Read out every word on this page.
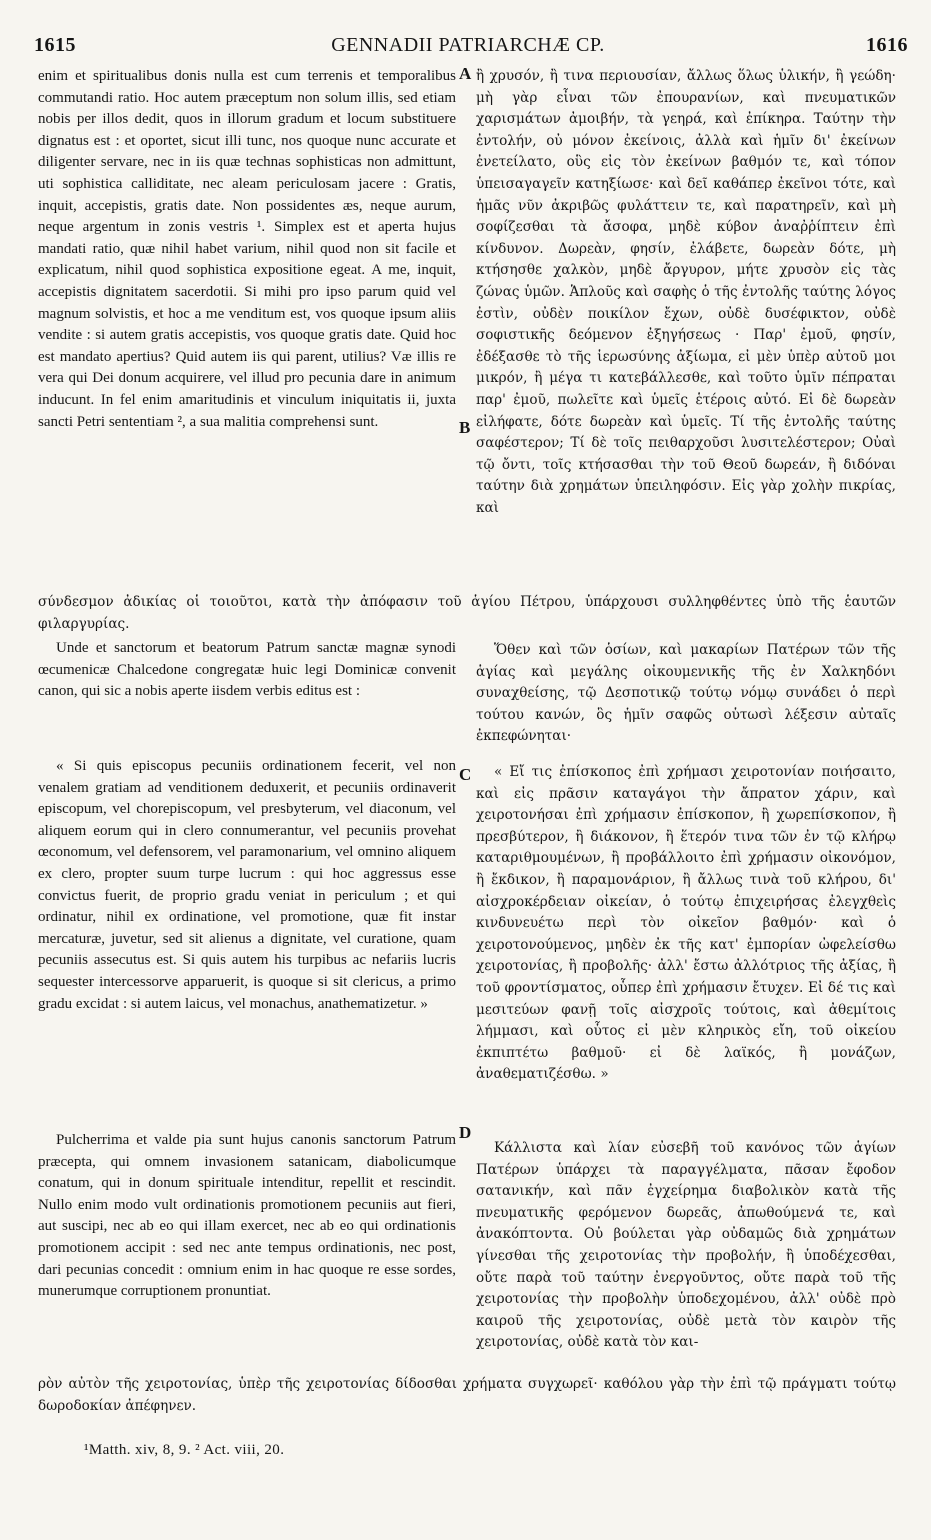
1615	GENNADII PATRIARCHÆ CP.	1616
A
B
C
D

enim et spiritualibus donis nulla est cum terrenis et temporalibus commutandi ratio. Hoc autem præceptum non solum illis, sed etiam nobis per illos dedit, quos in illorum gradum et locum substituere dignatus est : et oportet, sicut illi tunc, nos quoque nunc accurate et diligenter servare, nec in iis quæ technas sophisticas non admittunt, uti sophistica calliditate, nec aleam periculosam jacere : Gratis, inquit, accepistis, gratis date. Non possidentes æs, neque aurum, neque argentum in zonis vestris ¹. Simplex est et aperta hujus mandati ratio, quæ nihil habet varium, nihil quod non sit facile et explicatum, nihil quod sophistica expositione egeat. A me, inquit, accepistis dignitatem sacerdotii. Si mihi pro ipso parum quid vel magnum solvistis, et hoc a me venditum est, vos quoque ipsum aliis vendite : si autem gratis accepistis, vos quoque gratis date. Quid hoc est mandato apertius? Quid autem iis qui parent, utilius? Væ illis re vera qui Dei donum acquirere, vel illud pro pecunia dare in animum inducunt. In fel enim amaritudinis et vinculum iniquitatis ii, juxta sancti Petri sententiam ², a sua malitia comprehensi sunt.

ἢ χρυσόν, ἢ τινα περιουσίαν, ἄλλως ὅλως ὑλικήν, ἢ γεώδη· μὴ γὰρ εἶναι τῶν ἐπουρανίων, καὶ πνευματικῶν χαρισμάτων ἀμοιβήν, τὰ γεηρά, καὶ ἐπίκηρα. Ταύτην τὴν ἐντολήν, οὐ μόνον ἐκείνοις, ἀλλὰ καὶ ἡμῖν δι' ἐκείνων ἐνετείλατο, οὓς εἰς τὸν ἐκείνων βαθμόν τε, καὶ τόπον ὑπεισαγαγεῖν κατηξίωσε· καὶ δεῖ καθάπερ ἐκεῖνοι τότε, καὶ ἡμᾶς νῦν ἀκριβῶς φυλάττειν τε, καὶ παρατηρεῖν, καὶ μὴ σοφίζεσθαι τὰ ἄσοφα, μηδὲ κύβον ἀναῤῥίπτειν ἐπὶ κίνδυνον. Δωρεὰν, φησίν, ἐλάβετε, δωρεὰν δότε, μὴ κτήσησθε χαλκὸν, μηδὲ ἄργυρον, μήτε χρυσὸν εἰς τὰς ζώνας ὑμῶν. Ἁπλοῦς καὶ σαφὴς ὁ τῆς ἐντολῆς ταύτης λόγος ἐστὶν, οὐδὲν ποικίλον ἔχων, οὐδὲ δυσέφικτον, οὐδὲ σοφιστικῆς δεόμενον ἐξηγήσεως · Παρ' ἐμοῦ, φησίν, ἐδέξασθε τὸ τῆς ἱερωσύνης ἀξίωμα, εἰ μὲν ὑπὲρ αὐτοῦ μοι μικρόν, ἢ μέγα τι κατεβάλλεσθε, καὶ τοῦτο ὑμῖν πέπραται παρ' ἐμοῦ, πωλεῖτε καὶ ὑμεῖς ἑτέροις αὐτό. Εἰ δὲ δωρεὰν εἰλήφατε, δότε δωρεὰν καὶ ὑμεῖς. Τί τῆς ἐντολῆς ταύτης σαφέστερον; Τί δὲ τοῖς πειθαρχοῦσι λυσιτελέστερον; Οὐαὶ τῷ ὄντι, τοῖς κτήσασθαι τὴν τοῦ Θεοῦ δωρεάν, ἢ διδόναι ταύτην διὰ χρημάτων ὑπειληφόσιν. Εἰς γὰρ χολὴν πικρίας, καὶ

σύνδεσμον ἀδικίας οἱ τοιοῦτοι, κατὰ τὴν ἀπόφασιν τοῦ ἁγίου Πέτρου, ὑπάρχουσι συλληφθέντες ὑπὸ τῆς ἑαυτῶν φιλαργυρίας.

Unde et sanctorum et beatorum Patrum sanctæ magnæ synodi œcumenicæ Chalcedone congregatæ huic legi Dominicæ convenit canon, qui sic a nobis aperte iisdem verbis editus est :

Ὅθεν καὶ τῶν ὁσίων, καὶ μακαρίων Πατέρων τῶν τῆς ἁγίας καὶ μεγάλης οἰκουμενικῆς τῆς ἐν Χαλκηδόνι συναχθείσης, τῷ Δεσποτικῷ τούτῳ νόμῳ συνάδει ὁ περὶ τούτου κανών, ὃς ἡμῖν σαφῶς οὑτωσὶ λέξεσιν αὐταῖς ἐκπεφώνηται·

« Si quis episcopus pecuniis ordinationem fecerit, vel non venalem gratiam ad venditionem deduxerit, et pecuniis ordinaverit episcopum, vel chorepiscopum, vel presbyterum, vel diaconum, vel aliquem eorum qui in clero connumerantur, vel pecuniis provehat œconomum, vel defensorem, vel paramonarium, vel omnino aliquem ex clero, propter suum turpe lucrum : qui hoc aggressus esse convictus fuerit, de proprio gradu veniat in periculum ; et qui ordinatur, nihil ex ordinatione, vel promotione, quæ fit instar mercaturæ, juvetur, sed sit alienus a dignitate, vel curatione, quam pecuniis assecutus est. Si quis autem his turpibus ac nefariis lucris sequester intercessorve apparuerit, is quoque si sit clericus, a primo gradu excidat : si autem laicus, vel monachus, anathematizetur. »

« Εἴ τις ἐπίσκοπος ἐπὶ χρήμασι χειροτονίαν ποιήσαιτο, καὶ εἰς πρᾶσιν καταγάγοι τὴν ἄπρατον χάριν, καὶ χειροτονήσαι ἐπὶ χρήμασιν ἐπίσκοπον, ἢ χωρεπίσκοπον, ἢ πρεσβύτερον, ἢ διάκονον, ἢ ἕτερόν τινα τῶν ἐν τῷ κλήρῳ καταριθμουμένων, ἢ προβάλλοιτο ἐπὶ χρήμασιν οἰκονόμον, ἢ ἔκδικον, ἢ παραμονάριον, ἢ ἄλλως τινὰ τοῦ κλήρου, δι' αἰσχροκέρδειαν οἰκείαν, ὁ τούτῳ ἐπιχειρήσας ἐλεγχθεὶς κινδυνευέτω περὶ τὸν οἰκεῖον βαθμόν· καὶ ὁ χειροτονούμενος, μηδὲν ἐκ τῆς κατ' ἐμπορίαν ὠφελείσθω χειροτονίας, ἢ προβολῆς· ἀλλ' ἔστω ἀλλότριος τῆς ἀξίας, ἢ τοῦ φροντίσματος, οὗπερ ἐπὶ χρήμασιν ἔτυχεν. Εἰ δέ τις καὶ μεσιτεύων φανῇ τοῖς αἰσχροῖς τούτοις, καὶ ἀθεμίτοις λήμμασι, καὶ οὗτος εἰ μὲν κληρικὸς εἴη, τοῦ οἰκείου ἐκπιπτέτω βαθμοῦ· εἰ δὲ λαϊκός, ἢ μονάζων, ἀναθεματιζέσθω. »

Pulcherrima et valde pia sunt hujus canonis sanctorum Patrum præcepta, qui omnem invasionem satanicam, diabolicumque conatum, qui in donum spirituale intenditur, repellit et rescindit. Nullo enim modo vult ordinationis promotionem pecuniis aut fieri, aut suscipi, nec ab eo qui illam exercet, nec ab eo qui ordinationis promotionem accipit : sed nec ante tempus ordinationis, nec post, dari pecunias concedit : omnium enim in hac quoque re esse sordes, munerumque corruptionem pronuntiat.

Κάλλιστα καὶ λίαν εὐσεβῆ τοῦ κανόνος τῶν ἁγίων Πατέρων ὑπάρχει τὰ παραγγέλματα, πᾶσαν ἔφοδον σατανικήν, καὶ πᾶν ἐγχείρημα διαβολικὸν κατὰ τῆς πνευματικῆς φερόμενον δωρεᾶς, ἀπωθούμενά τε, καὶ ἀνακόπτοντα. Οὐ βούλεται γὰρ οὐδαμῶς διὰ χρημάτων γίνεσθαι τῆς χειροτονίας τὴν προβολήν, ἢ ὑποδέχεσθαι, οὔτε παρὰ τοῦ ταύτην ἐνεργοῦντος, οὔτε παρὰ τοῦ τῆς χειροτονίας τὴν προβολὴν ὑποδεχομένου, ἀλλ' οὐδὲ πρὸ καιροῦ τῆς χειροτονίας, οὐδὲ μετὰ τὸν καιρὸν τῆς χειροτονίας, οὐδὲ κατὰ τὸν και-

ρὸν αὐτὸν τῆς χειροτονίας, ὑπὲρ τῆς χειροτονίας δίδοσθαι χρήματα συγχωρεῖ· καθόλου γὰρ τὴν ἐπὶ τῷ πράγματι τούτῳ δωροδοκίαν ἀπέφηνεν.

¹Matth. xiv, 8, 9. ² Act. viii, 20.
